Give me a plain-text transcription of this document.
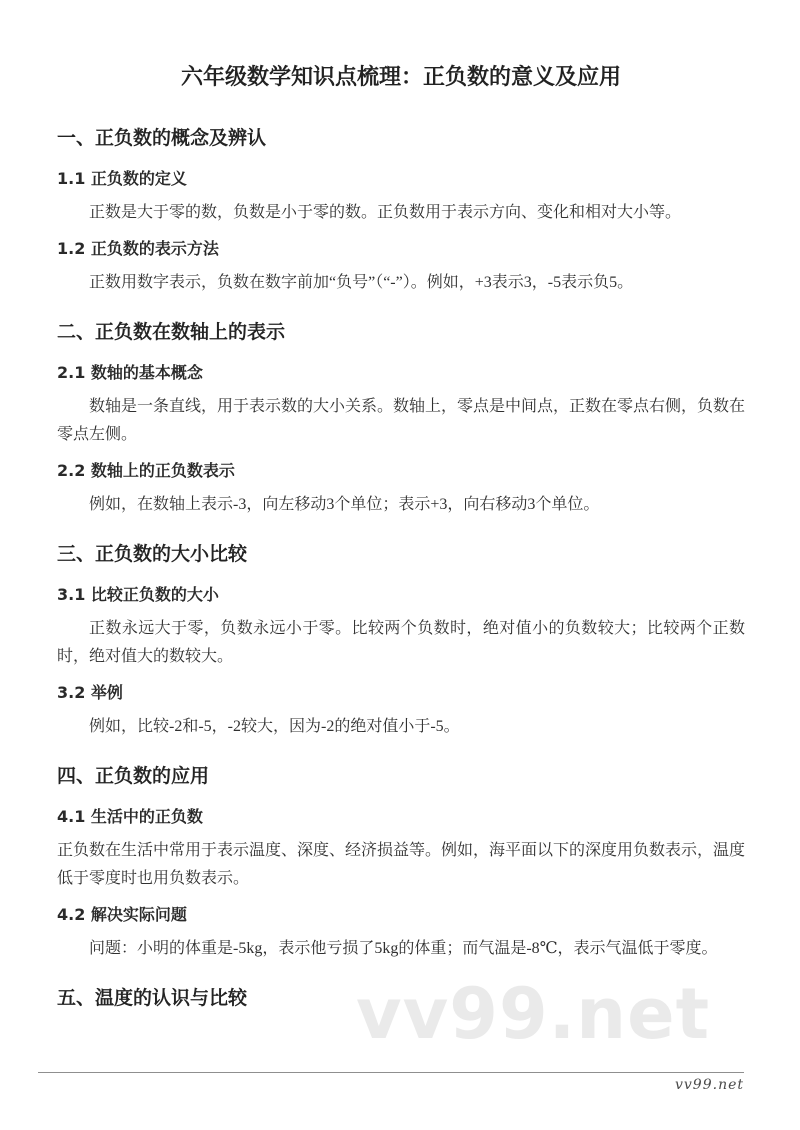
vv99.net
六年级数学知识点梳理：正负数的意义及应用
一、正负数的概念及辨认
1.1 正负数的定义

正数是大于零的数，负数是小于零的数。正负数用于表示方向、变化和相对大小等。

1.2 正负数的表示方法

正数用数字表示，负数在数字前加“负号”（“-”）。例如，+3表示3，-5表示负5。

二、正负数在数轴上的表示
2.1 数轴的基本概念

数轴是一条直线，用于表示数的大小关系。数轴上，零点是中间点，正数在零点右侧，负数在零点左侧。

2.2 数轴上的正负数表示

例如，在数轴上表示-3，向左移动3个单位；表示+3，向右移动3个单位。

三、正负数的大小比较
3.1 比较正负数的大小

正数永远大于零，负数永远小于零。比较两个负数时，绝对值小的负数较大；比较两个正数时，绝对值大的数较大。

3.2 举例

例如，比较-2和-5，-2较大，因为-2的绝对值小于-5。

四、正负数的应用
4.1 生活中的正负数

正负数在生活中常用于表示温度、深度、经济损益等。例如，海平面以下的深度用负数表示，温度低于零度时也用负数表示。

4.2 解决实际问题

问题：小明的体重是-5kg，表示他亏损了5kg的体重；而气温是-8℃，表示气温低于零度。

五、温度的认识与比较
vv99.net
